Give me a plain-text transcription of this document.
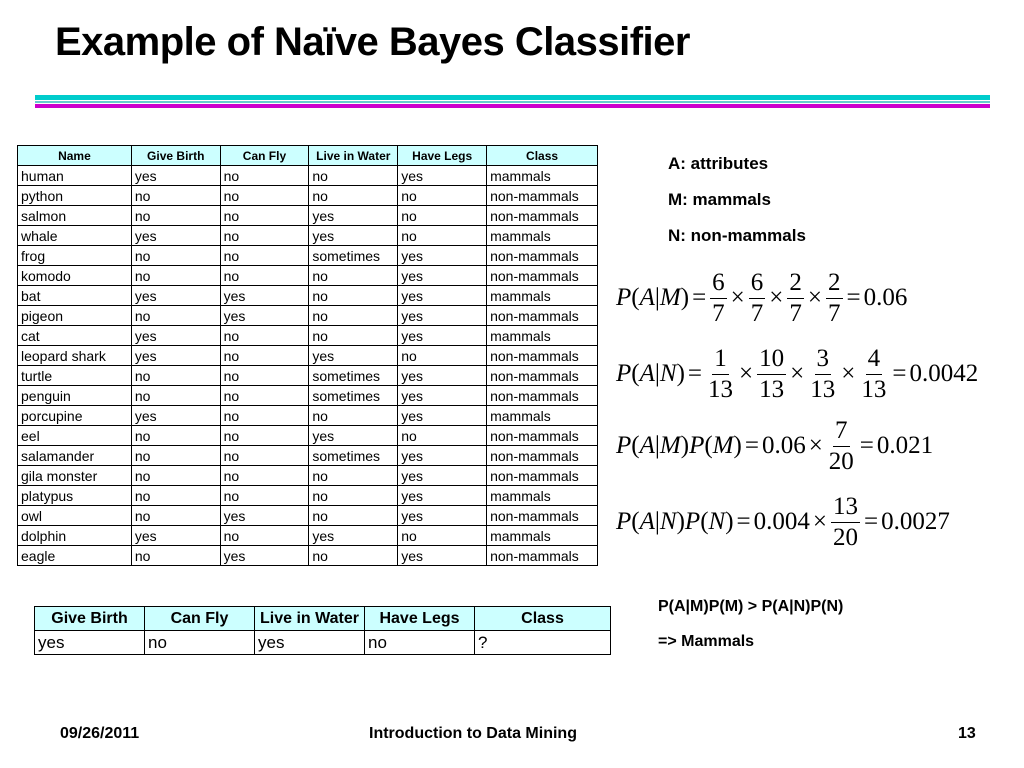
Example of Naïve Bayes Classifier
Name	Give Birth	Can Fly	Live in Water	Have Legs	Class
human	yes	no	no	yes	mammals
python	no	no	no	no	non-mammals
salmon	no	no	yes	no	non-mammals
whale	yes	no	yes	no	mammals
frog	no	no	sometimes	yes	non-mammals
komodo	no	no	no	yes	non-mammals
bat	yes	yes	no	yes	mammals
pigeon	no	yes	no	yes	non-mammals
cat	yes	no	no	yes	mammals
leopard shark	yes	no	yes	no	non-mammals
turtle	no	no	sometimes	yes	non-mammals
penguin	no	no	sometimes	yes	non-mammals
porcupine	yes	no	no	yes	mammals
eel	no	no	yes	no	non-mammals
salamander	no	no	sometimes	yes	non-mammals
gila monster	no	no	no	yes	non-mammals
platypus	no	no	no	yes	mammals
owl	no	yes	no	yes	non-mammals
dolphin	yes	no	yes	no	mammals
eagle	no	yes	no	yes	non-mammals
A: attributes
M: mammals
N: non-mammals
P ( A | M ) = $\frac{6}{7} \times \frac{6}{7} \times \frac{2}{7} \times \frac{2}{7} = 0.06$
P ( A | N ) = $\frac{1}{13} \times \frac{10}{13} \times \frac{3}{13} \times \frac{4}{13} = 0.0042$
P ( A | M ) P ( M ) = $0.06 \times \frac{7}{20} = 0.021$
P ( A | N ) P ( N ) = $0.004 \times \frac{13}{20} = 0.0027$
Give Birth	Can Fly	Live in Water	Have Legs	Class
yes	no	yes	no	?
P(A|M)P(M) > P(A|N)P(N)
=> Mammals
09/26/2011	Introduction to Data Mining	13
